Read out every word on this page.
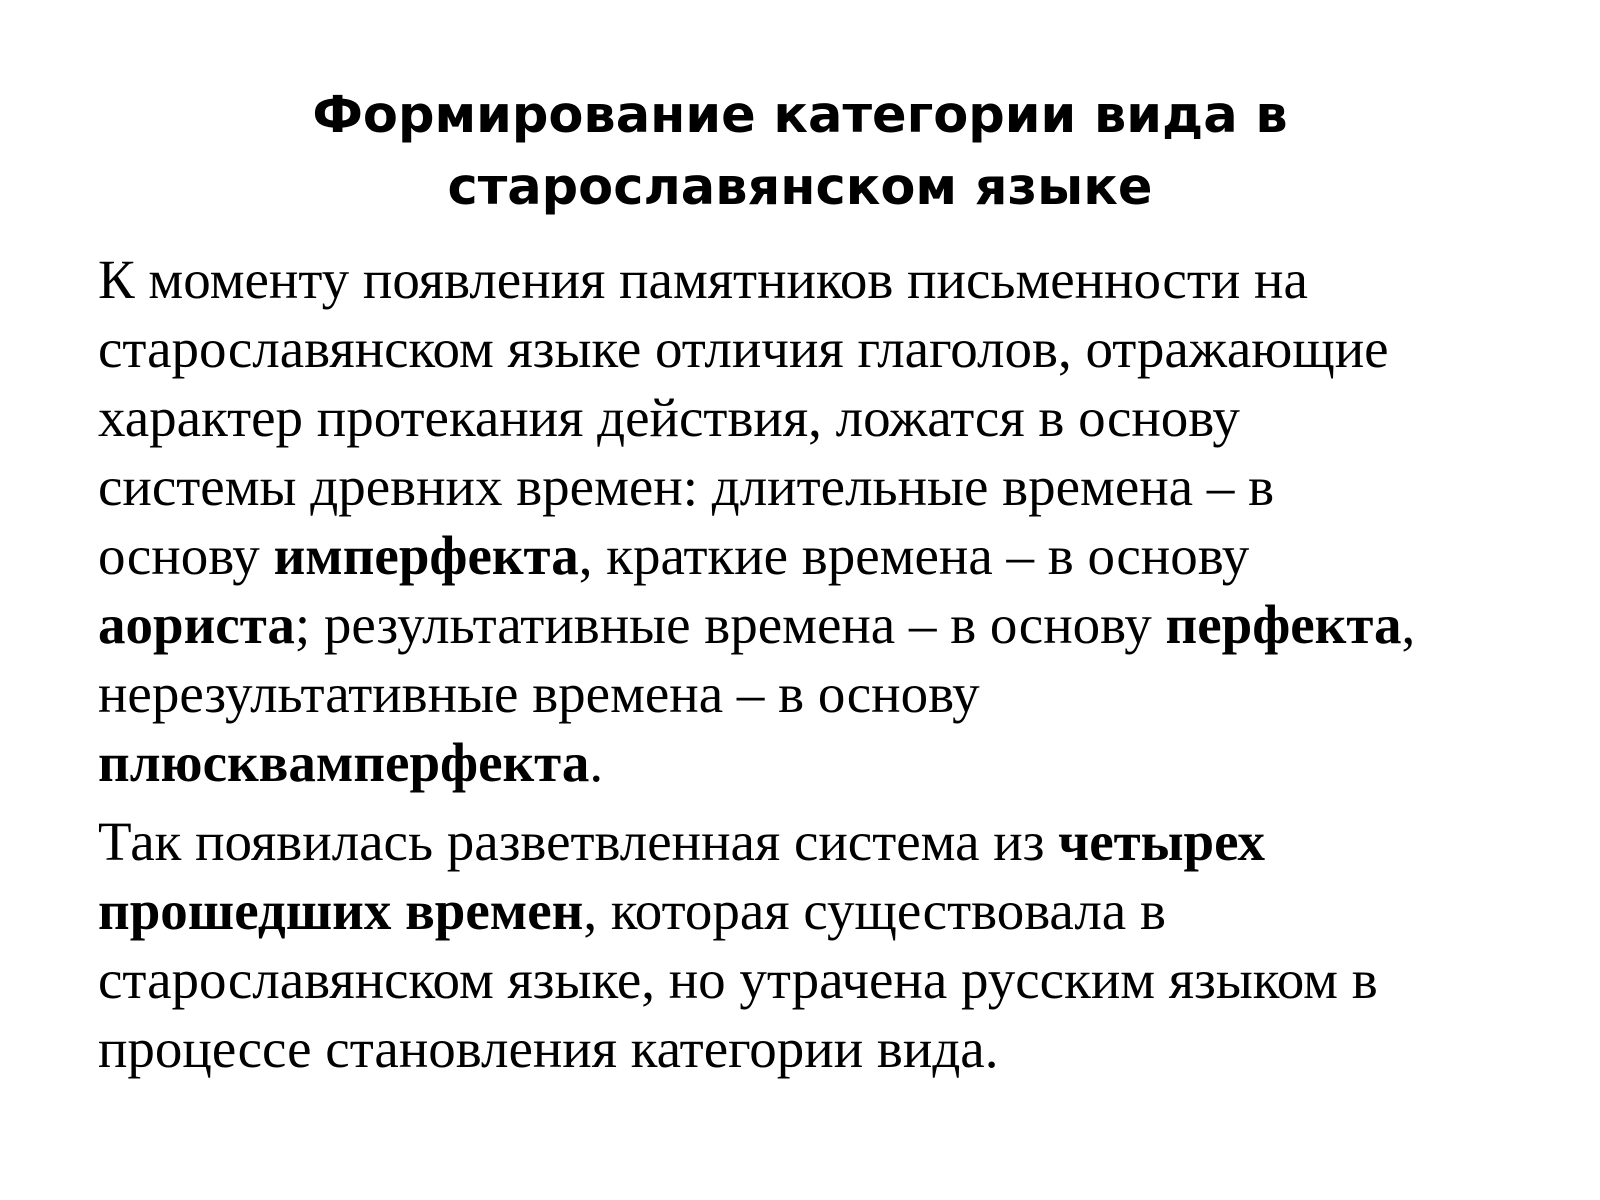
Формирование категории вида в
старославянском языке
К моменту появления памятников письменности на
старославянском языке отличия глаголов, отражающие
характер протекания действия, ложатся в основу
системы древних времен: длительные времена – в
основу имперфекта, краткие времена – в основу
аориста; результативные времена – в основу перфекта,
нерезультативные времена – в основу
плюсквамперфекта.
Так появилась разветвленная система из четырех
прошедших времен, которая существовала в
старославянском языке, но утрачена русским языком в
процессе становления категории вида.
